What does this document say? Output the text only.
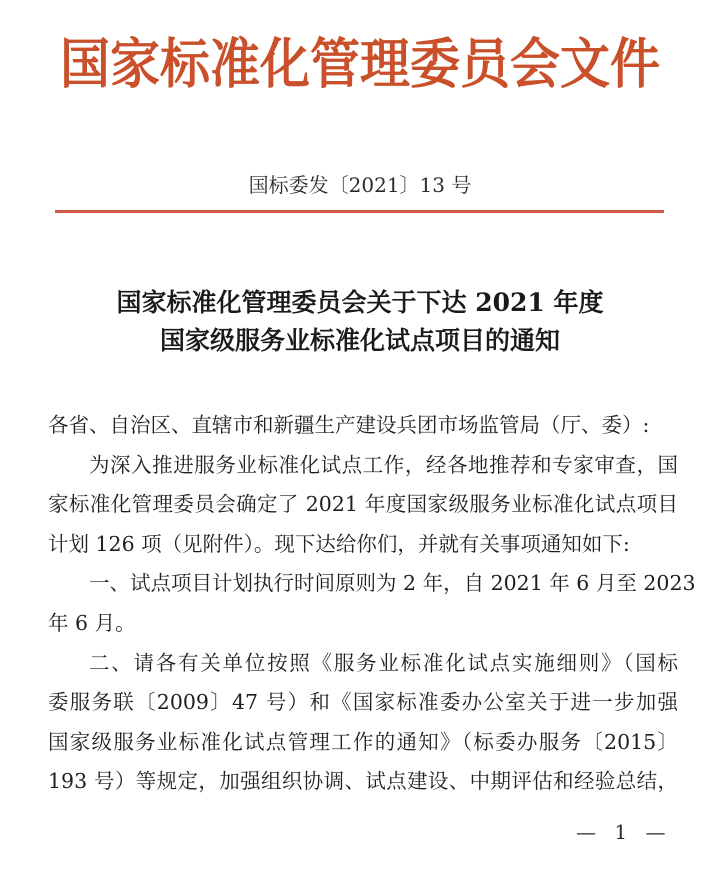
国家标准化管理委员会文件
国标委发〔2021〕13 号
国家标准化管理委员会关于下达 2021 年度
国家级服务业标准化试点项目的通知
各省、自治区、直辖市和新疆生产建设兵团市场监管局（厅、委）:
为深入推进服务业标准化试点工作，经各地推荐和专家审查，国
家标准化管理委员会确定了 2021 年度国家级服务业标准化试点项目
计划 126 项（见附件）。现下达给你们，并就有关事项通知如下:
一、试点项目计划执行时间原则为 2 年，自 2021 年 6 月至 2023
年 6 月。
二、请各有关单位按照《服务业标准化试点实施细则》（国标
委服务联〔2009〕47 号）和《国家标准委办公室关于进一步加强
国家级服务业标准化试点管理工作的通知》（标委办服务〔2015〕
193 号）等规定，加强组织协调、试点建设、中期评估和经验总结，
— 1 —
